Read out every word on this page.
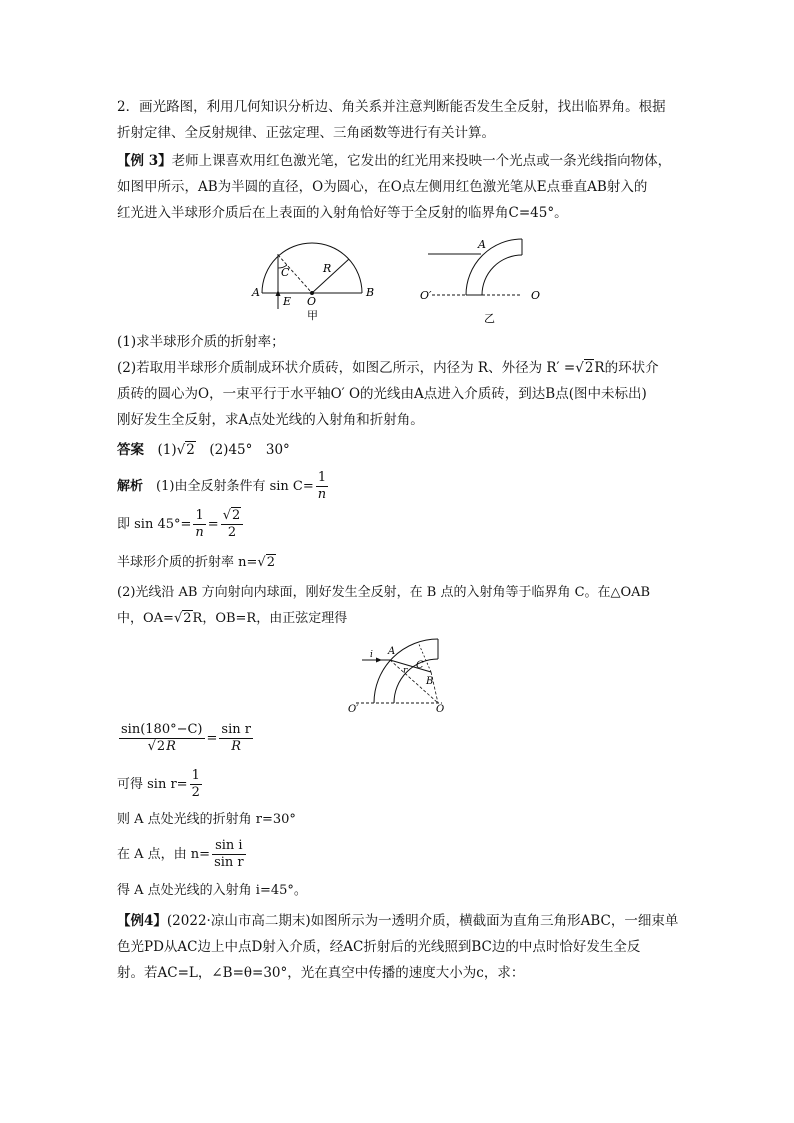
2．画光路图，利用几何知识分析边、角关系并注意判断能否发生全反射，找出临界角。根据
折射定律、全反射规律、正弦定理、三角函数等进行有关计算。
【例 3】老师上课喜欢用红色激光笔，它发出的红光用来投映一个光点或一条光线指向物体，
如图甲所示，AB为半圆的直径，O为圆心，在O点左侧用红色激光笔从E点垂直AB射入的
红光进入半球形介质后在上表面的入射角恰好等于全反射的临界角C=45°。
A	B
C	R
E O
甲
A
O′	O
乙
(1)求半球形介质的折射率；
(2)若取用半球形介质制成环状介质砖，如图乙所示，内径为 R、外径为 R′ =√2R的环状介
质砖的圆心为O，一束平行于水平轴O′ O的光线由A点进入介质砖，到达B点(图中未标出)
刚好发生全反射，求A点处光线的入射角和折射角。
答案　 (1)√2　 (2)45°　30°
解析　 (1)由全反射条件有 $\sin C= \frac{1}{n}$
即 $\sin 45^\circ= \frac{1}{n} = \frac{√2}{2}$
半球形介质的折射率 n=√2
(2)光线沿 AB 方向射向内球面，刚好发生全反射，在 B 点的入射角等于临界角 C。在△OAB
中，OA=√2R，OB=R，由正弦定理得
i A
C
r
B
O′	O
$\frac{\sin(180^\circ-C)}{√2R} = \frac{\text{sin r}}{R}$
可得 $\sin r= \frac{1}{2}$
则 A 点处光线的折射角 r=30°
在 A 点，由 $n= \frac{\text{sin i}}{\text{sin r}}$
得 A 点处光线的入射角 i=45°。
【例4】(2022·凉山市高二期末)如图所示为一透明介质，横截面为直角三角形ABC，一细束单
色光PD从AC边上中点D射入介质，经AC折射后的光线照到BC边的中点时恰好发生全反
射。若AC=L，∠B=θ=30°，光在真空中传播的速度大小为c，求：
